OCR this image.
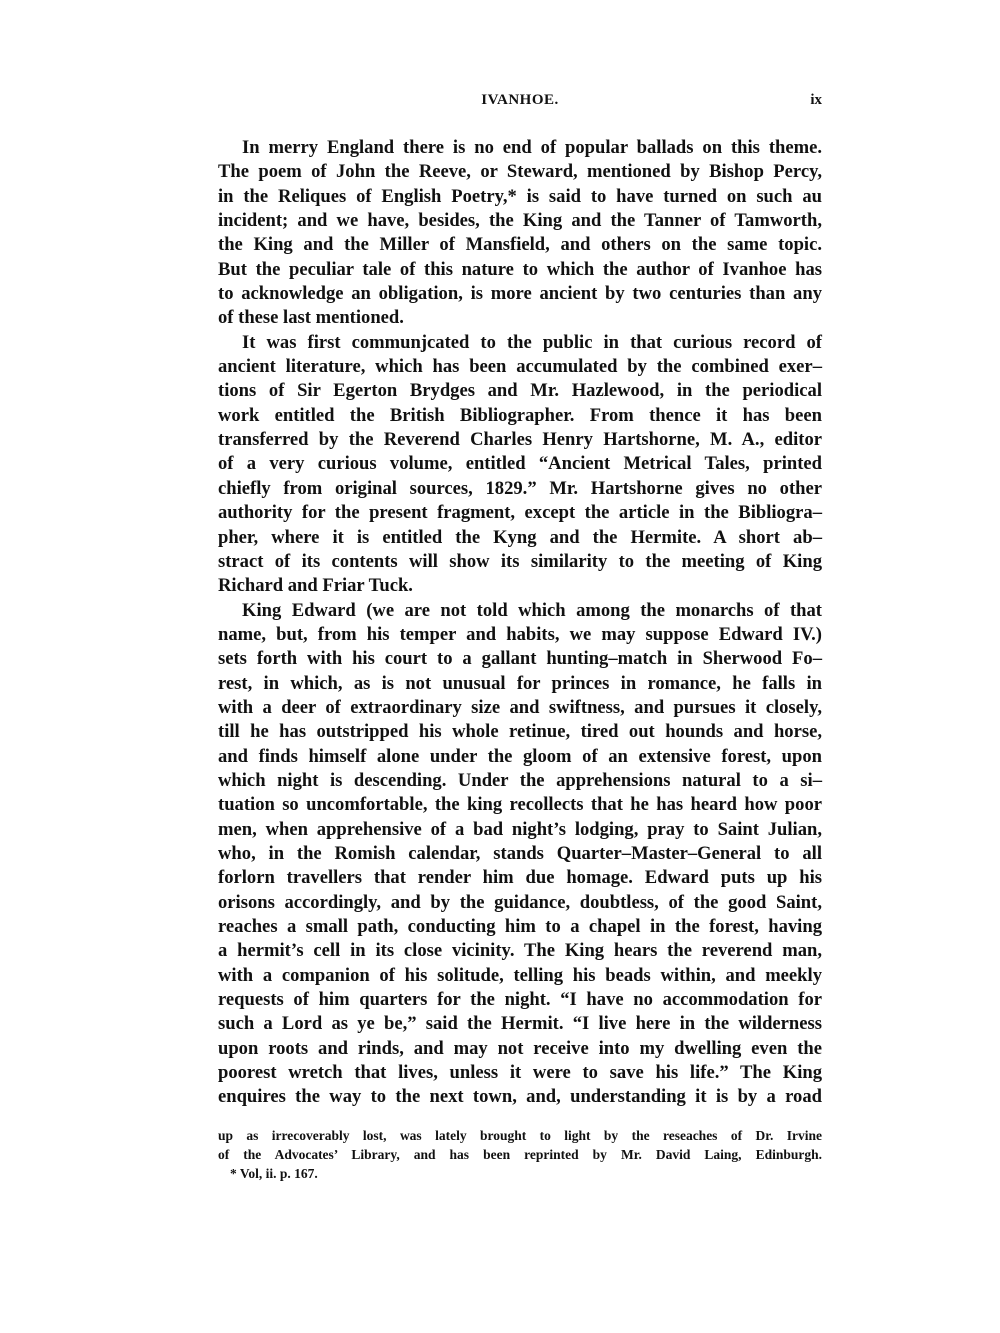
IVANHOE.	ix
In merry England there is no end of popular ballads on this theme.
The poem of John the Reeve, or Steward, mentioned by Bishop Percy,
in the Reliques of English Poetry,* is said to have turned on such au
incident; and we have, besides, the King and the Tanner of Tamworth,
the King and the Miller of Mansfield, and others on the same topic.
But the peculiar tale of this nature to which the author of Ivanhoe has
to acknowledge an obligation, is more ancient by two centuries than any
of these last mentioned.
It was first communjcated to the public in that curious record of
ancient literature, which has been accumulated by the combined exer–
tions of Sir Egerton Brydges and Mr. Hazlewood, in the periodical
work entitled the British Bibliographer. From thence it has been
transferred by the Reverend Charles Henry Hartshorne, M. A., editor
of a very curious volume, entitled “Ancient Metrical Tales, printed
chiefly from original sources, 1829.” Mr. Hartshorne gives no other
authority for the present fragment, except the article in the Bibliogra–
pher, where it is entitled the Kyng and the Hermite. A short ab–
stract of its contents will show its similarity to the meeting of King
Richard and Friar Tuck.
King Edward (we are not told which among the monarchs of that
name, but, from his temper and habits, we may suppose Edward IV.)
sets forth with his court to a gallant hunting–match in Sherwood Fo–
rest, in which, as is not unusual for princes in romance, he falls in
with a deer of extraordinary size and swiftness, and pursues it closely,
till he has outstripped his whole retinue, tired out hounds and horse,
and finds himself alone under the gloom of an extensive forest, upon
which night is descending. Under the apprehensions natural to a si–
tuation so uncomfortable, the king recollects that he has heard how poor
men, when apprehensive of a bad night’s lodging, pray to Saint Julian,
who, in the Romish calendar, stands Quarter–Master–General to all
forlorn travellers that render him due homage. Edward puts up his
orisons accordingly, and by the guidance, doubtless, of the good Saint,
reaches a small path, conducting him to a chapel in the forest, having
a hermit’s cell in its close vicinity. The King hears the reverend man,
with a companion of his solitude, telling his beads within, and meekly
requests of him quarters for the night. “I have no accommodation for
such a Lord as ye be,” said the Hermit. “I live here in the wilderness
upon roots and rinds, and may not receive into my dwelling even the
poorest wretch that lives, unless it were to save his life.” The King
enquires the way to the next town, and, understanding it is by a road
up as irrecoverably lost, was lately brought to light by the reseaches of Dr. Irvine
of the Advocates’ Library, and has been reprinted by Mr. David Laing, Edinburgh.
* Vol, ii. p. 167.
